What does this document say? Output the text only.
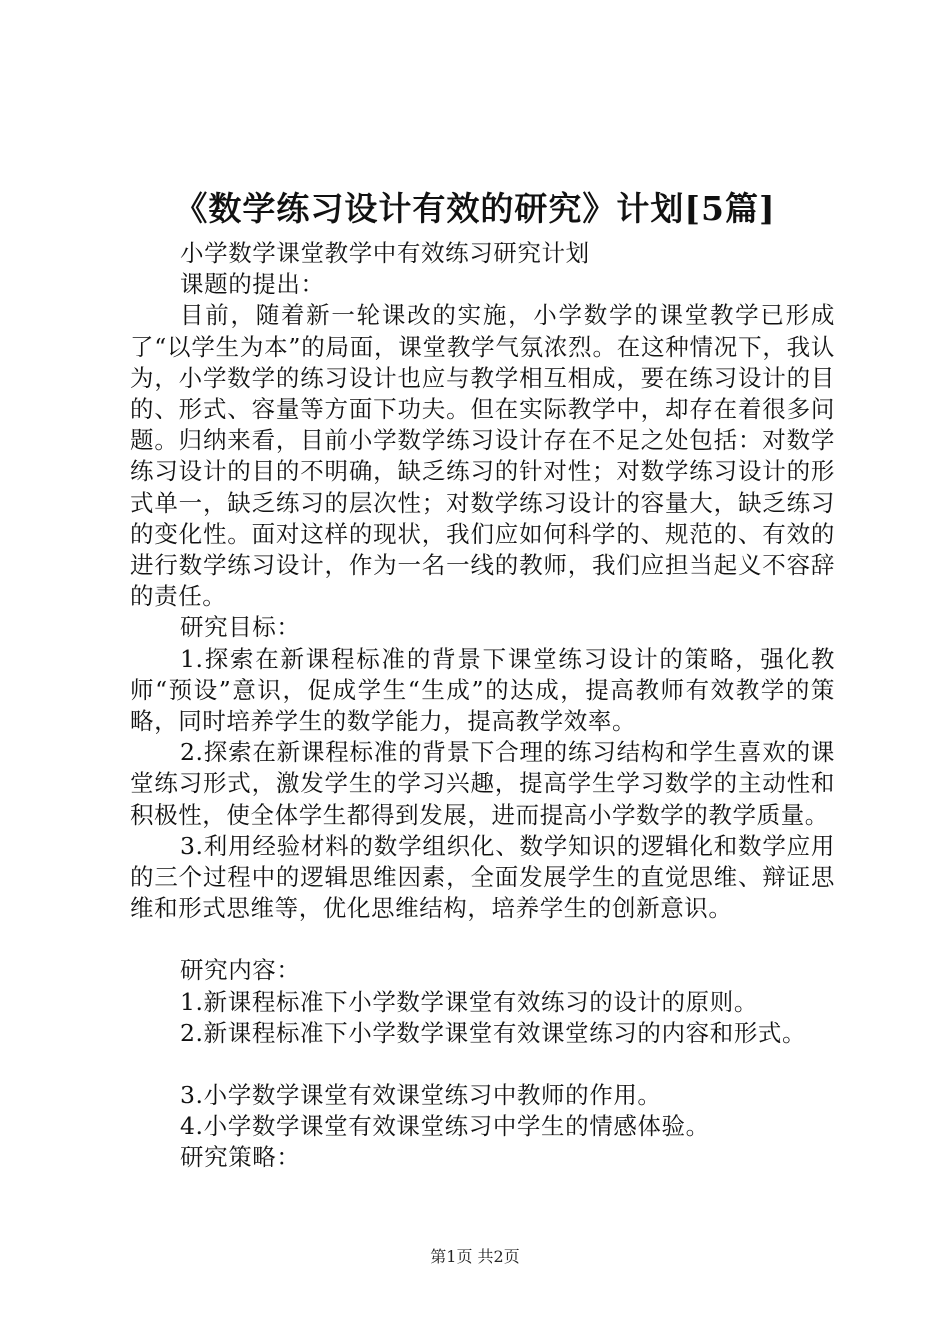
《数学练习设计有效的研究》计划[5篇]

小学数学课堂教学中有效练习研究计划

课题的提出：

目前，随着新一轮课改的实施，小学数学的课堂教学已形成了“以学生为本”的局面，课堂教学气氛浓烈。在这种情况下，我认为，小学数学的练习设计也应与教学相互相成，要在练习设计的目的、形式、容量等方面下功夫。但在实际教学中，却存在着很多问题。归纳来看，目前小学数学练习设计存在不足之处包括：对数学练习设计的目的不明确，缺乏练习的针对性；对数学练习设计的形式单一，缺乏练习的层次性；对数学练习设计的容量大，缺乏练习的变化性。面对这样的现状，我们应如何科学的、规范的、有效的进行数学练习设计，作为一名一线的教师，我们应担当起义不容辞的责任。

研究目标：

1.探索在新课程标准的背景下课堂练习设计的策略，强化教师“预设”意识，促成学生“生成”的达成，提高教师有效教学的策略，同时培养学生的数学能力，提高教学效率。

2.探索在新课程标准的背景下合理的练习结构和学生喜欢的课堂练习形式，激发学生的学习兴趣，提高学生学习数学的主动性和积极性，使全体学生都得到发展，进而提高小学数学的教学质量。

3.利用经验材料的数学组织化、数学知识的逻辑化和数学应用的三个过程中的逻辑思维因素，全面发展学生的直觉思维、辩证思维和形式思维等，优化思维结构，培养学生的创新意识。

研究内容：

1.新课程标准下小学数学课堂有效练习的设计的原则。

2.新课程标准下小学数学课堂有效课堂练习的内容和形式。

3.小学数学课堂有效课堂练习中教师的作用。

4.小学数学课堂有效课堂练习中学生的情感体验。

研究策略：

第1页 共2页
